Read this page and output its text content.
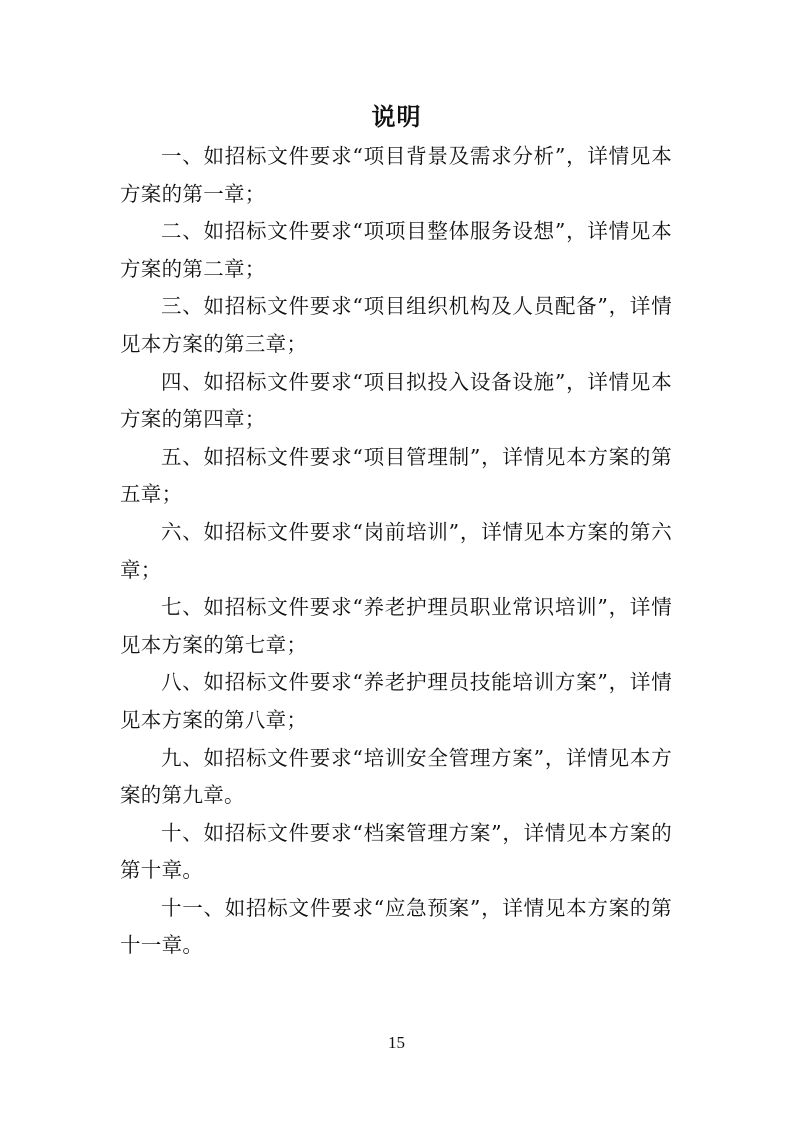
说明

一、如招标文件要求“项目背景及需求分析”，详情见本方案的第一章；

二、如招标文件要求“项项目整体服务设想”，详情见本方案的第二章；

三、如招标文件要求“项目组织机构及人员配备”，详情见本方案的第三章；

四、如招标文件要求“项目拟投入设备设施”，详情见本方案的第四章；

五、如招标文件要求“项目管理制”，详情见本方案的第五章；

六、如招标文件要求“岗前培训”，详情见本方案的第六章；

七、如招标文件要求“养老护理员职业常识培训”，详情见本方案的第七章；

八、如招标文件要求“养老护理员技能培训方案”，详情见本方案的第八章；

九、如招标文件要求“培训安全管理方案”，详情见本方案的第九章。

十、如招标文件要求“档案管理方案”，详情见本方案的第十章。

十一、如招标文件要求“应急预案”，详情见本方案的第十一章。

15
